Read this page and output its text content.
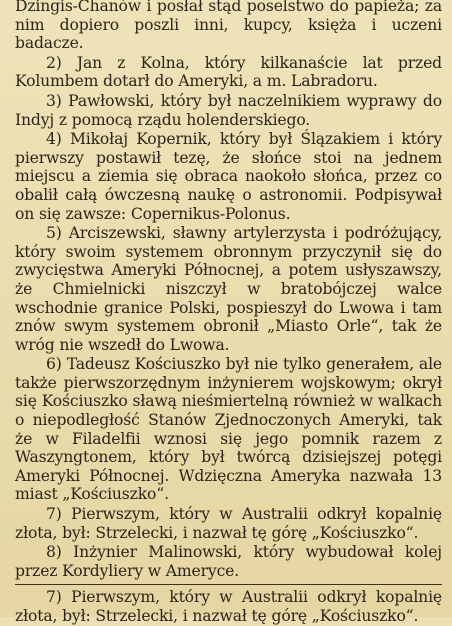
Dzingis-Chanów i posłał stąd poselstwo do papieża; za nim dopiero poszli inni, kupcy, księża i uczeni badacze.

2) Jan z Kolna, który kilkanaście lat przed Kolumbem dotarł do Ameryki, a m. Labradoru.

3) Pawłowski, który był naczelnikiem wyprawy do Indyj z pomocą rządu holenderskiego.

4) Mikołaj Kopernik, który był Ślązakiem i który pierwszy postawił tezę, że słońce stoi na jednem miejscu a ziemia się obraca naokoło słońca, przez co obalił całą ówczesną naukę o astronomii. Podpisywał on się zawsze: Copernikus-Polonus.

5) Arciszewski, sławny artylerzysta i podróżujący, który swoim systemem obronnym przyczynił się do zwycięstwa Ameryki Północnej, a potem usłyszawszy, że Chmielnicki niszczył w bratobójczej walce wschodnie granice Polski, pospieszył do Lwowa i tam znów swym systemem obronił „Miasto Orle“, tak że wróg nie wszedł do Lwowa.

6) Tadeusz Kościuszko był nie tylko generałem, ale także pierwszorzędnym inżynierem wojskowym; okrył się Kościuszko sławą nieśmiertelną również w walkach o niepodległość Stanów Zjednoczonych Ameryki, tak że w Filadelfii wznosi się jego pomnik razem z Waszyngtonem, który był twórcą dzisiejszej potęgi Ameryki Północnej. Wdzięczna Ameryka nazwała 13 miast „Kościuszko“.

7) Pierwszym, który w Australii odkrył kopalnię złota, był: Strzelecki, i nazwał tę górę „Kościuszko“.

8) Inżynier Malinowski, który wybudował kolej przez Kordyliery w Ameryce.

7) Pierwszym, który w Australii odkrył kopalnię złota, był: Strzelecki, i nazwał tę górę „Kościuszko“.
